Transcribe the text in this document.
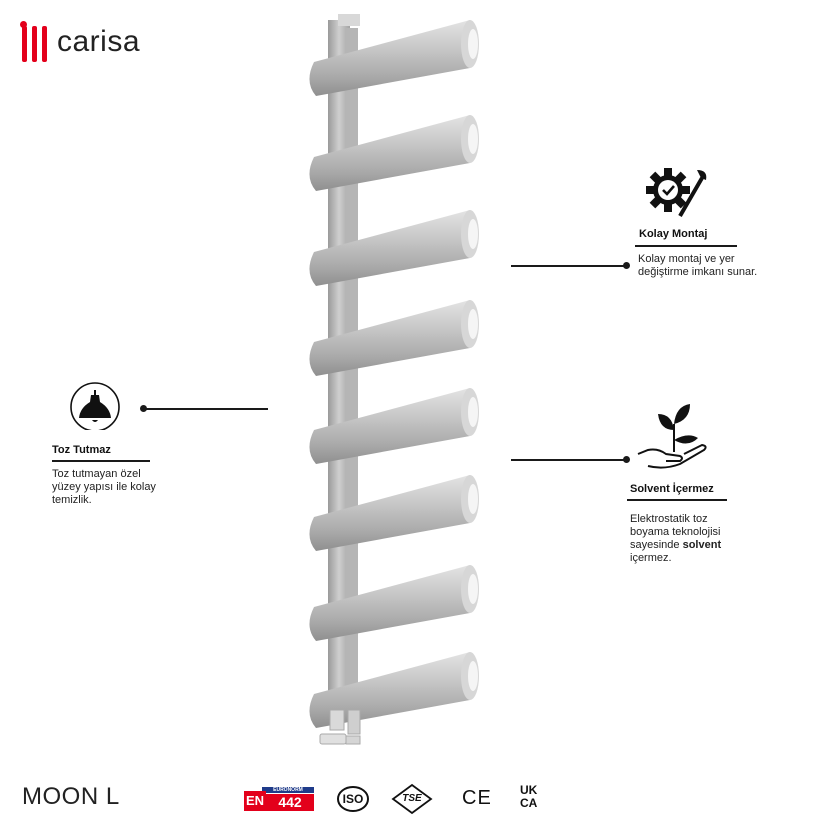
carisa
Toz Tutmaz
Toz tutmayan özel
yüzey yapısı ile kolay
temizlik.
Kolay Montaj
Kolay montaj ve yer
değiştirme imkanı sunar.
Solvent İçermez
Elektrostatik toz
boyama teknolojisi
sayesinde solvent
içermez.
MOON L	EURONORM
EN	442	ISO	TSE	CE UK
CA
